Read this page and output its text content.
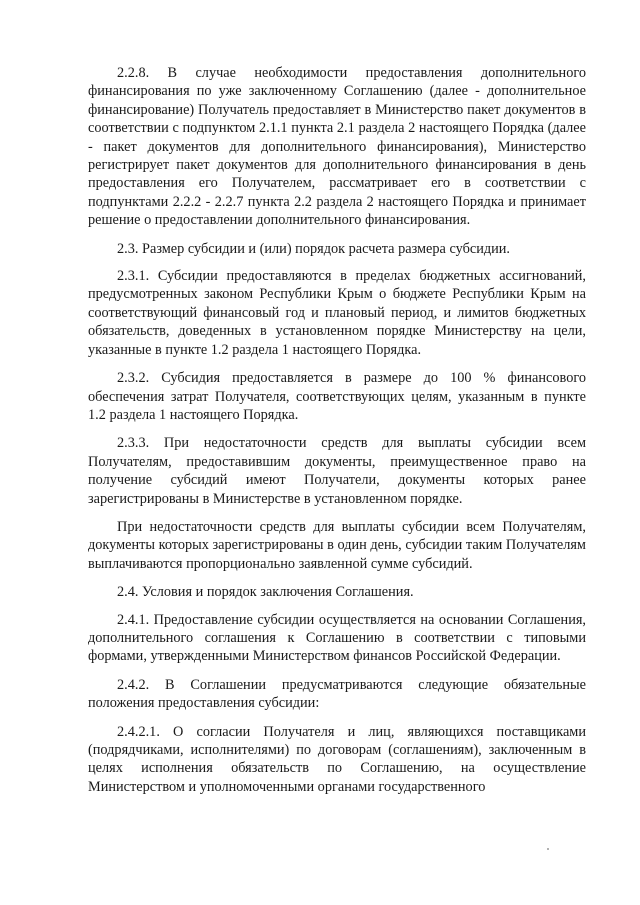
2.2.8. В случае необходимости предоставления дополнительного финансирования по уже заключенному Соглашению (далее - дополнительное финансирование) Получатель предоставляет в Министерство пакет документов в соответствии с подпунктом 2.1.1 пункта 2.1 раздела 2 настоящего Порядка (далее - пакет документов для дополнительного финансирования), Министерство регистрирует пакет документов для дополнительного финансирования в день предоставления его Получателем, рассматривает его в соответствии с подпунктами 2.2.2 - 2.2.7 пункта 2.2 раздела 2 настоящего Порядка и принимает решение о предоставлении дополнительного финансирования.

2.3. Размер субсидии и (или) порядок расчета размера субсидии.

2.3.1. Субсидии предоставляются в пределах бюджетных ассигнований, предусмотренных законом Республики Крым о бюджете Республики Крым на соответствующий финансовый год и плановый период, и лимитов бюджетных обязательств, доведенных в установленном порядке Министерству на цели, указанные в пункте 1.2 раздела 1 настоящего Порядка.

2.3.2. Субсидия предоставляется в размере до 100 % финансового обеспечения затрат Получателя, соответствующих целям, указанным в пункте 1.2 раздела 1 настоящего Порядка.

2.3.3. При недостаточности средств для выплаты субсидии всем Получателям, предоставившим документы, преимущественное право на получение субсидий имеют Получатели, документы которых ранее зарегистрированы в Министерстве в установленном порядке.

При недостаточности средств для выплаты субсидии всем Получателям, документы которых зарегистрированы в один день, субсидии таким Получателям выплачиваются пропорционально заявленной сумме субсидий.

2.4. Условия и порядок заключения Соглашения.

2.4.1. Предоставление субсидии осуществляется на основании Соглашения, дополнительного соглашения к Соглашению в соответствии с типовыми формами, утвержденными Министерством финансов Российской Федерации.

2.4.2. В Соглашении предусматриваются следующие обязательные положения предоставления субсидии:

2.4.2.1. О согласии Получателя и лиц, являющихся поставщиками (подрядчиками, исполнителями) по договорам (соглашениям), заключенным в целях исполнения обязательств по Соглашению, на осуществление Министерством и уполномоченными органами государственного
